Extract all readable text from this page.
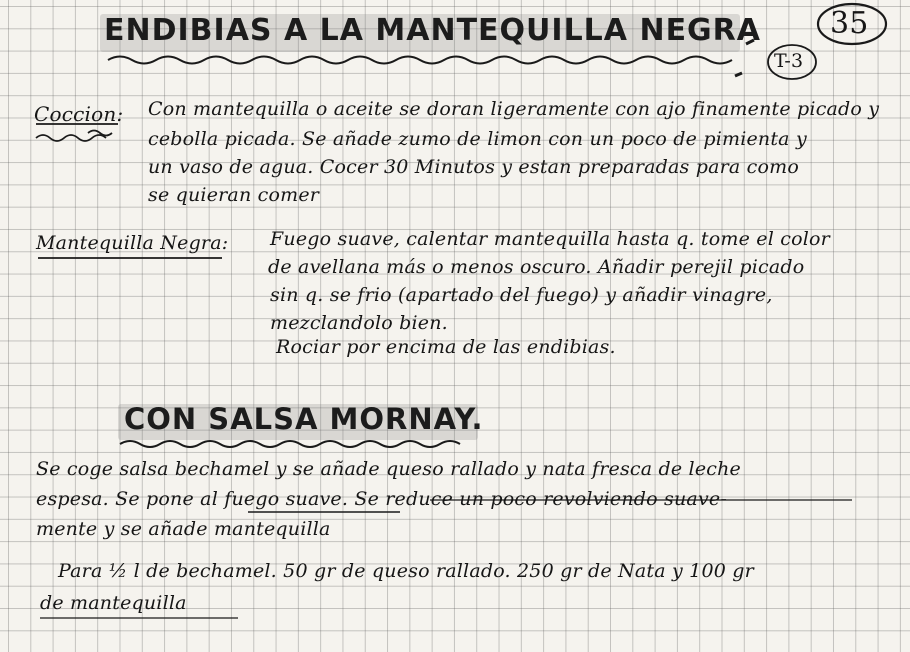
ENDIBIAS A LA MANTEQUILLA NEGRA 35
T-3
Coccion: Con mantequilla o aceite se doran ligeramente con ajo finamente picado y
cebolla picada. Se añade zumo de limon con un poco de pimienta y
un vaso de agua. Cocer 30 Minutos y estan preparadas para como
se quieran comer
Mantequilla Negra: Fuego suave, calentar mantequilla hasta q. tome el color
de avellana más o menos oscuro. Añadir perejil picado
sin q. se frio (apartado del fuego) y añadir vinagre,
mezclandolo bien.
Rociar por encima de las endibias.
CON SALSA MORNAY.
Se coge salsa bechamel y se añade queso rallado y nata fresca de leche
espesa. Se pone al fuego suave. Se reduce un poco revolviendo suave-
mente y se añade mantequilla
Para ½ l de bechamel. 50 gr de queso rallado. 250 gr de Nata y 100 gr
de mantequilla
